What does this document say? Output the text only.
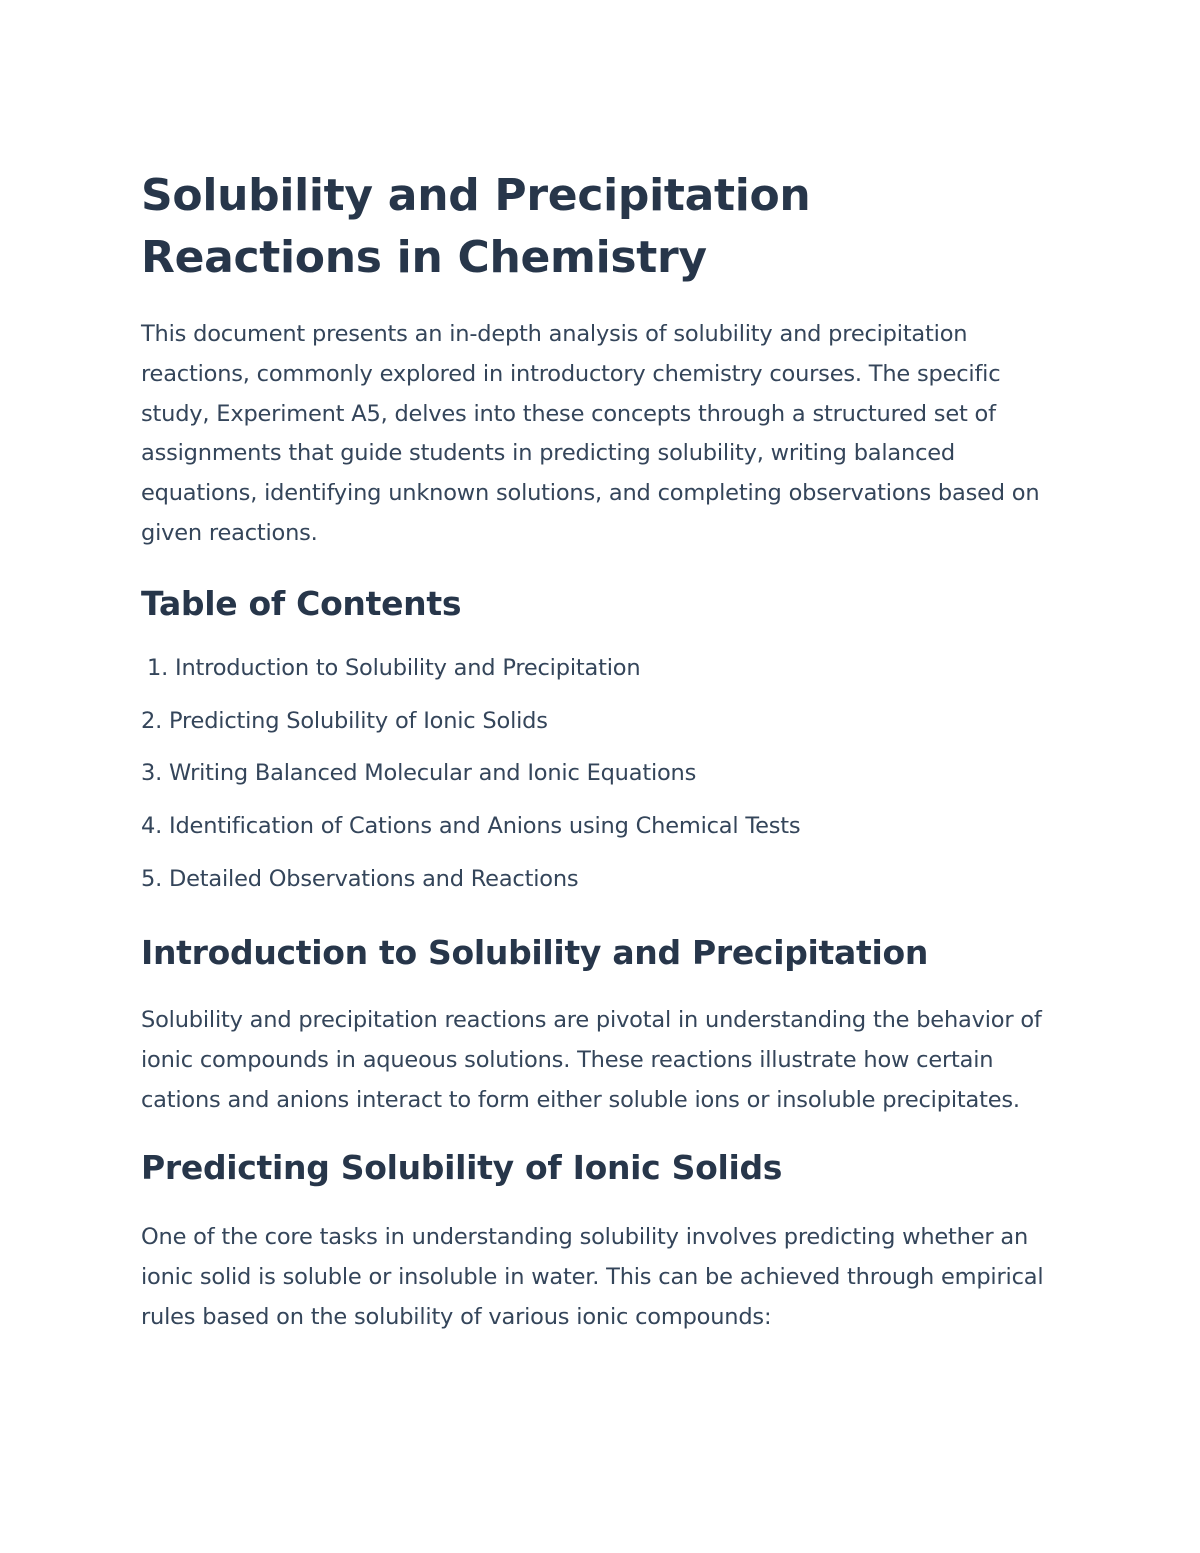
Solubility and Precipitation Reactions in Chemistry

This document presents an in-depth analysis of solubility and precipitation reactions, commonly explored in introductory chemistry courses. The specific study, Experiment A5, delves into these concepts through a structured set of assignments that guide students in predicting solubility, writing balanced equations, identifying unknown solutions, and completing observations based on given reactions.

Table of Contents
1. Introduction to Solubility and Precipitation
2. Predicting Solubility of Ionic Solids
3. Writing Balanced Molecular and Ionic Equations
4. Identification of Cations and Anions using Chemical Tests
5. Detailed Observations and Reactions
Introduction to Solubility and Precipitation

Solubility and precipitation reactions are pivotal in understanding the behavior of ionic compounds in aqueous solutions. These reactions illustrate how certain cations and anions interact to form either soluble ions or insoluble precipitates.

Predicting Solubility of Ionic Solids

One of the core tasks in understanding solubility involves predicting whether an ionic solid is soluble or insoluble in water. This can be achieved through empirical rules based on the solubility of various ionic compounds:
